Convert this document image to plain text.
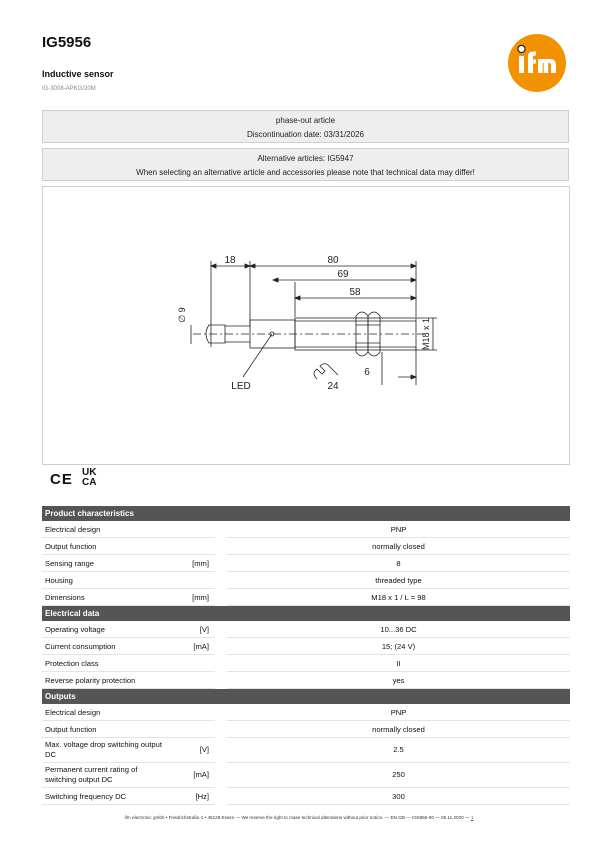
IG5956
Inductive sensor
IG-3008-APKG/20M
phase-out article
Discontinuation date: 03/31/2026
Alternative articles: IG5947
When selecting an alternative article and accessories please note that technical data may differ!
18	80
69
58
6
24
LED
∅ 9
M18 x 1
CE UK
CA
Product characteristics			
Electrical design			PNP
Output function			normally closed
Sensing range	[mm]		8
Housing			threaded type
Dimensions	[mm]		M18 x 1 / L = 98
Electrical data			
Operating voltage	[V]		10...36 DC
Current consumption	[mA]		15; (24 V)
Protection class			II
Reverse polarity protection			yes
Outputs			
Electrical design			PNP
Output function			normally closed
Max. voltage drop switching output DC	[V]		2.5
Permanent current rating of switching output DC	[mA]		250
Switching frequency DC	[Hz]		300
ifm electronic gmbh • Friedrichstraße 1 • 45128 Essen — We reserve the right to make technical alterations without prior notice. — EN-GB — IG5956-00 — 05.11.2020 — 1
